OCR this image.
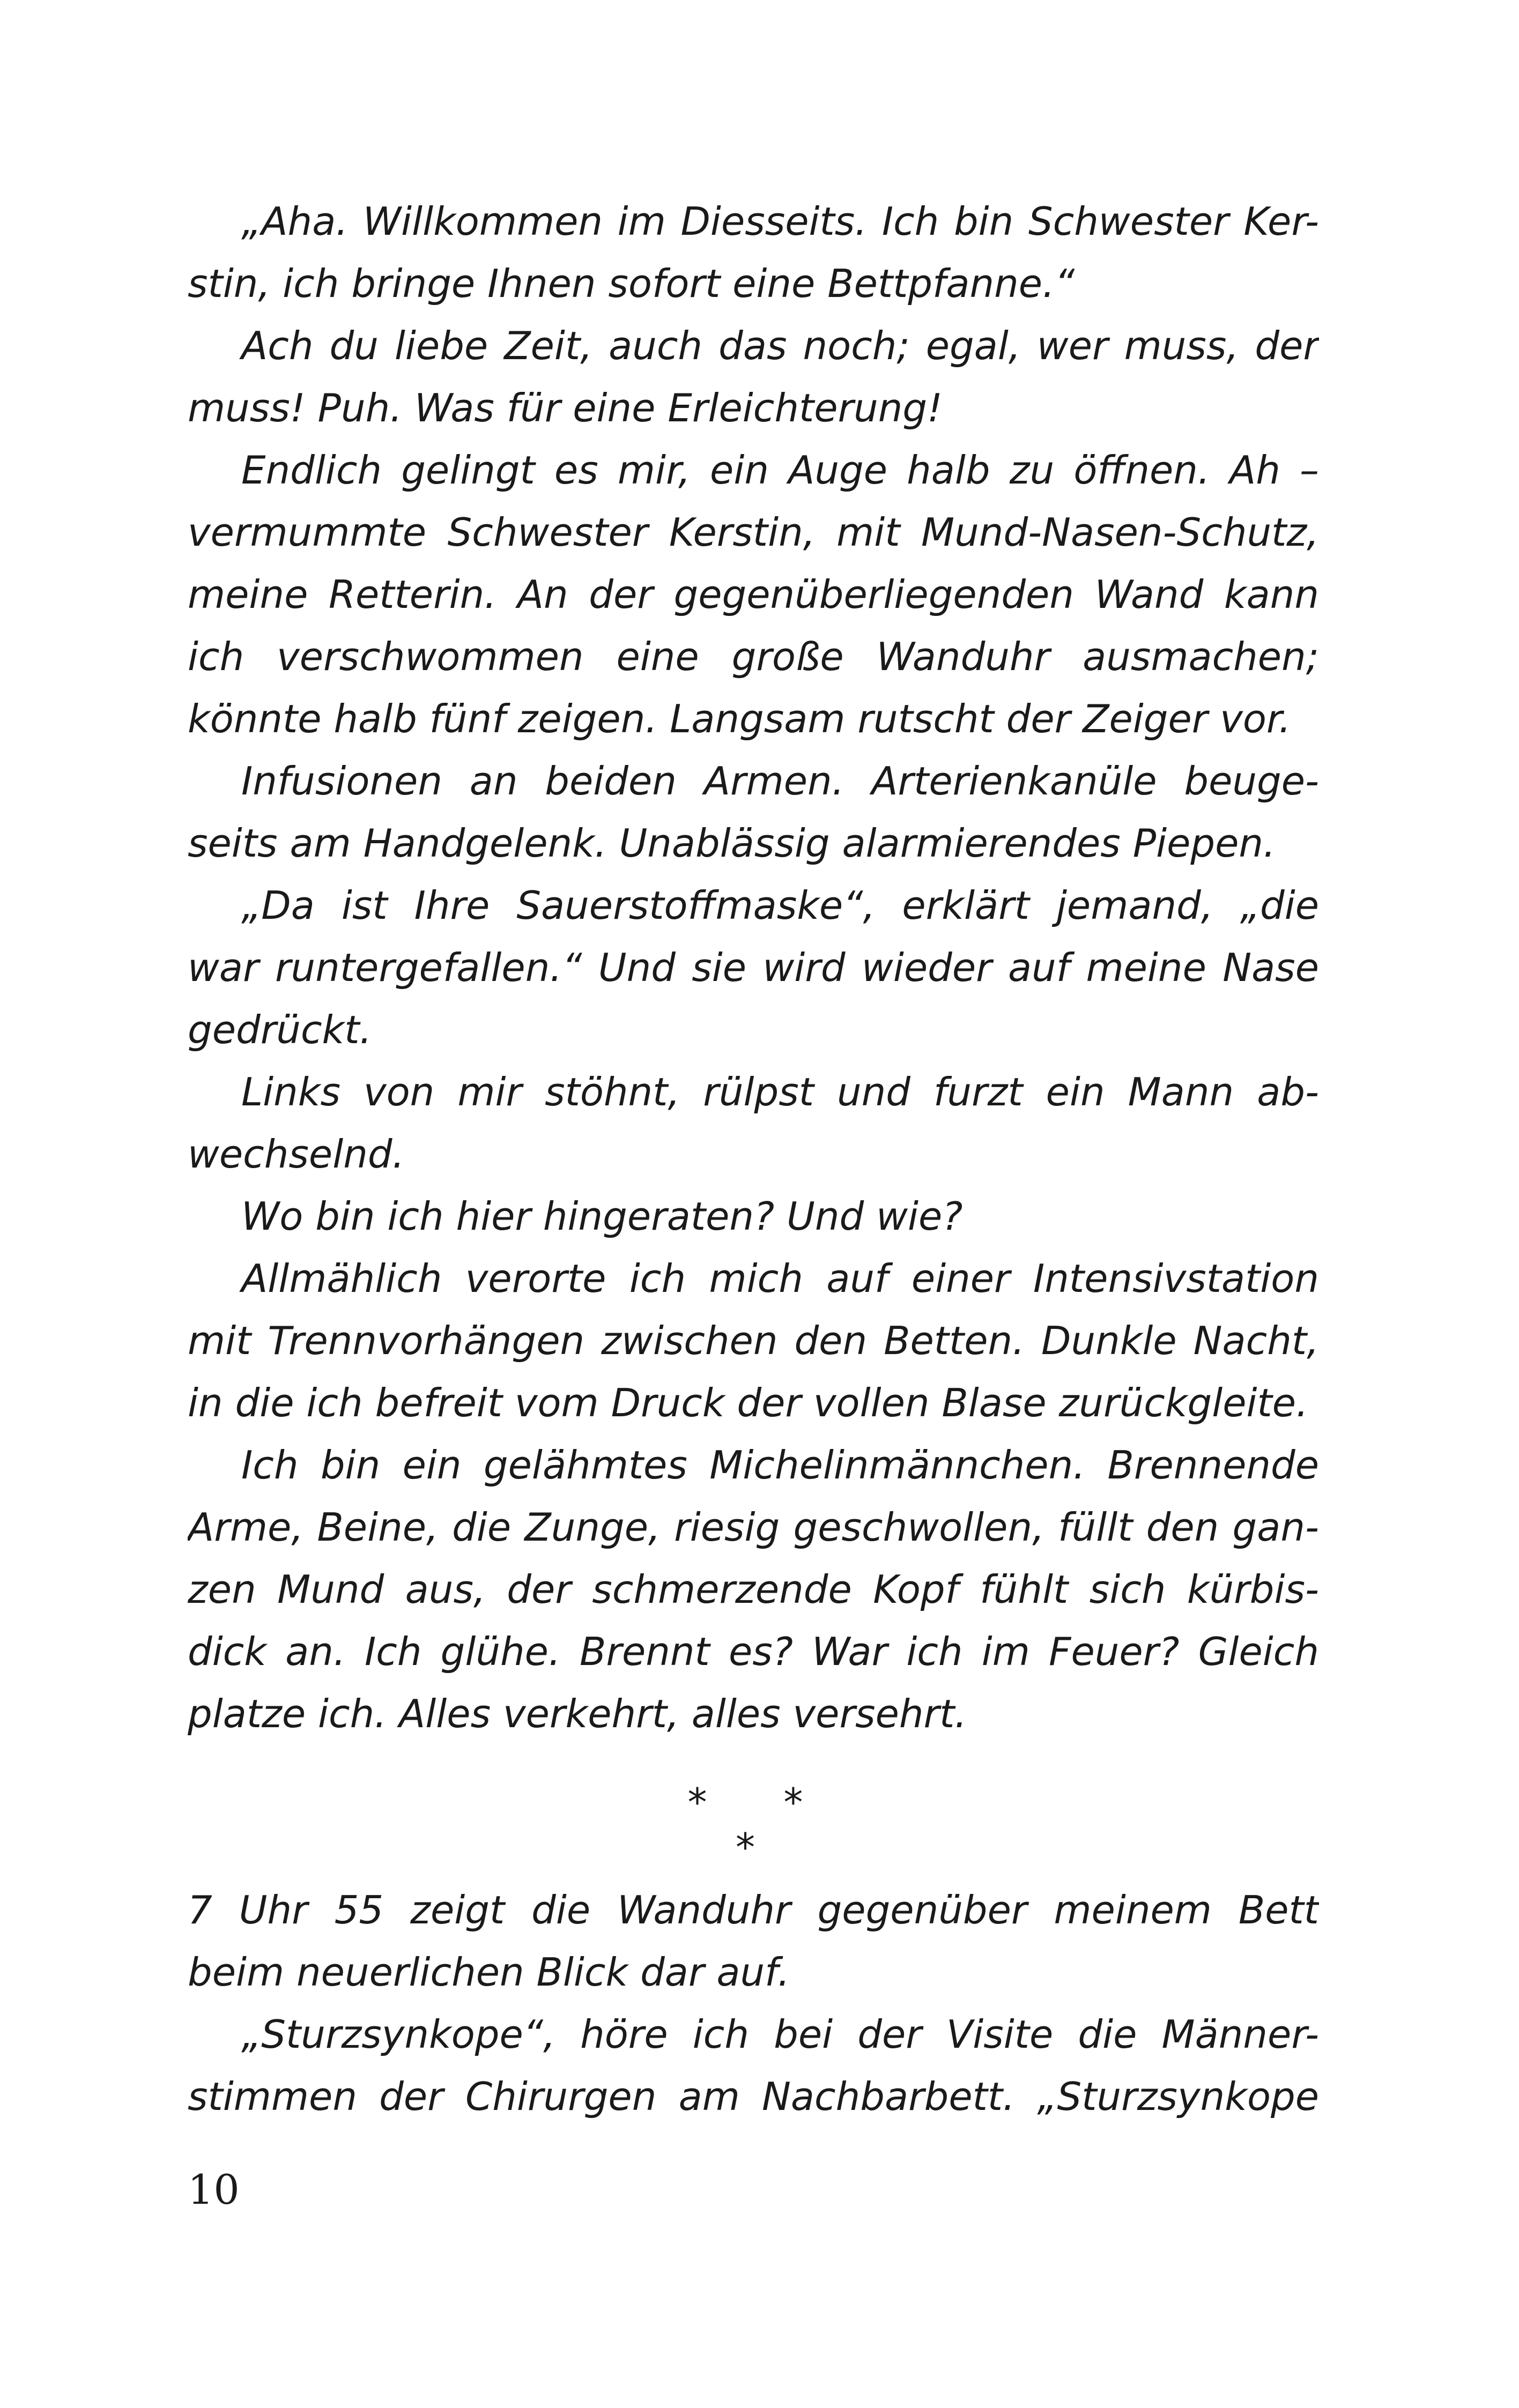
„Aha. Willkommen im Diesseits. Ich bin Schwester Ker-
stin, ich bringe Ihnen sofort eine Bettpfanne.“
Ach du liebe Zeit, auch das noch; egal, wer muss, der
muss! Puh. Was für eine Erleichterung!
Endlich gelingt es mir, ein Auge halb zu öffnen. Ah –
vermummte Schwester Kerstin, mit Mund-Nasen-Schutz,
meine Retterin. An der gegenüberliegenden Wand kann
ich verschwommen eine große Wanduhr ausmachen;
könnte halb fünf zeigen. Langsam rutscht der Zeiger vor.
Infusionen an beiden Armen. Arterienkanüle beuge-
seits am Handgelenk. Unablässig alarmierendes Piepen.
„Da ist Ihre Sauerstoffmaske“, erklärt jemand, „die
war runtergefallen.“ Und sie wird wieder auf meine Nase
gedrückt.
Links von mir stöhnt, rülpst und furzt ein Mann ab-
wechselnd.
Wo bin ich hier hingeraten? Und wie?
Allmählich verorte ich mich auf einer Intensivstation
mit Trennvorhängen zwischen den Betten. Dunkle Nacht,
in die ich befreit vom Druck der vollen Blase zurückgleite.
Ich bin ein gelähmtes Michelinmännchen. Brennende
Arme, Beine, die Zunge, riesig geschwollen, füllt den gan-
zen Mund aus, der schmerzende Kopf fühlt sich kürbis-
dick an. Ich glühe. Brennt es? War ich im Feuer? Gleich
platze ich. Alles verkehrt, alles versehrt.
* * *
7 Uhr 55 zeigt die Wanduhr gegenüber meinem Bett
beim neuerlichen Blick dar auf.
„Sturzsynkope“, höre ich bei der Visite die Männer-
stimmen der Chirurgen am Nachbarbett. „Sturzsynkope
10
